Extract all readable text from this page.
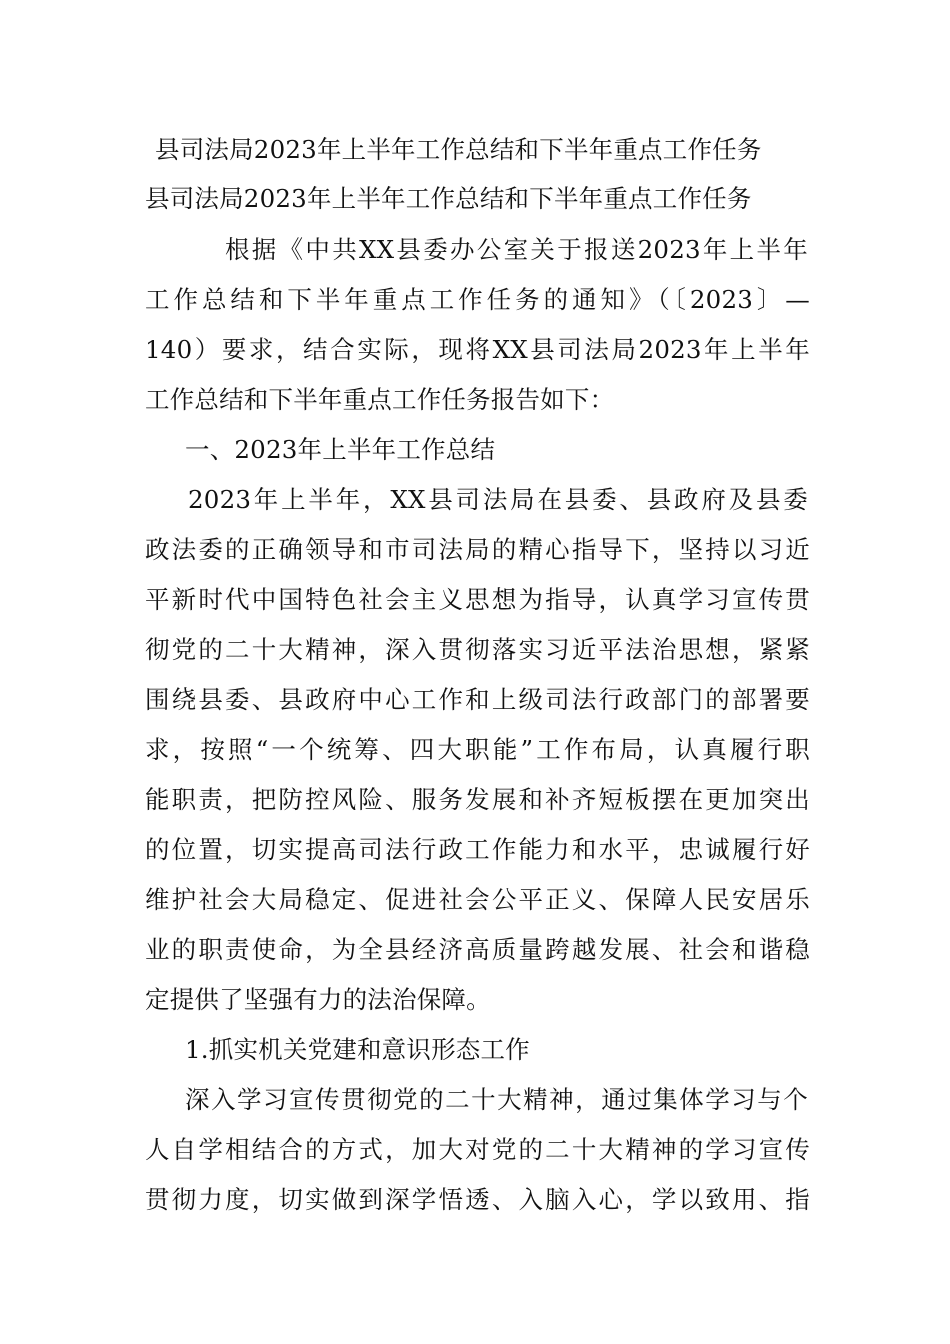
县司法局2023年上半年工作总结和下半年重点工作任务
县司法局2023年上半年工作总结和下半年重点工作任务
根据《中共XX县委办公室关于报送2023年上半年
工作总结和下半年重点工作任务的通知》（〔2023〕—
140）要求，结合实际，现将XX县司法局2023年上半年
工作总结和下半年重点工作任务报告如下：
一、2023年上半年工作总结
2023年上半年，XX县司法局在县委、县政府及县委
政法委的正确领导和市司法局的精心指导下，坚持以习近
平新时代中国特色社会主义思想为指导，认真学习宣传贯
彻党的二十大精神，深入贯彻落实习近平法治思想，紧紧
围绕县委、县政府中心工作和上级司法行政部门的部署要
求，按照“一个统筹、四大职能”工作布局，认真履行职
能职责，把防控风险、服务发展和补齐短板摆在更加突出
的位置，切实提高司法行政工作能力和水平，忠诚履行好
维护社会大局稳定、促进社会公平正义、保障人民安居乐
业的职责使命，为全县经济高质量跨越发展、社会和谐稳
定提供了坚强有力的法治保障。
1.抓实机关党建和意识形态工作
深入学习宣传贯彻党的二十大精神，通过集体学习与个
人自学相结合的方式，加大对党的二十大精神的学习宣传
贯彻力度，切实做到深学悟透、入脑入心，学以致用、指
